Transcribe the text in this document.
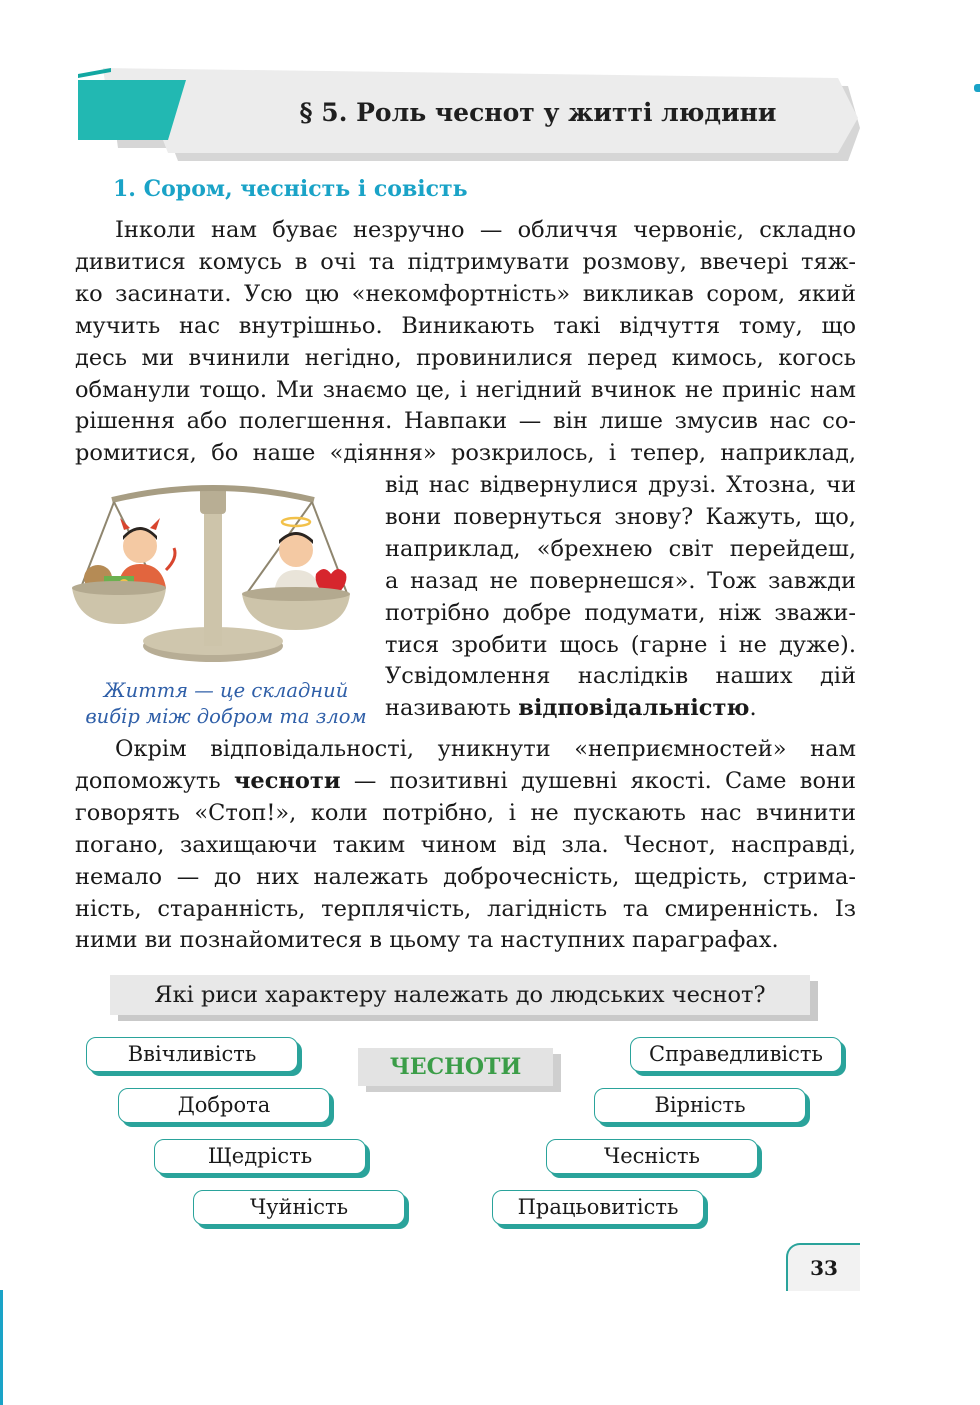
§ 5. Роль чеснот у житті людини
1. Сором, чесність і совість
Інколи нам буває незручно — обличчя червоніє, складно
дивитися комусь в очі та підтримувати розмову, ввечері тяж-
ко засинати. Усю цю «некомфортність» викликав сором, який
мучить нас внутрішньо. Виникають такі відчуття тому, що
десь ми вчинили негідно, провинилися перед кимось, когось
обманули тощо. Ми знаємо це, і негідний вчинок не приніс нам
рішення або полегшення. Навпаки — він лише змусив нас со-
ромитися, бо наше «діяння» розкрилось, і тепер, наприклад,
від нас відвернулися друзі. Хтозна, чи
вони повернуться знову? Кажуть, що,
наприклад, «брехнею світ перейдеш,
а назад не повернешся». Тож завжди
потрібно добре подумати, ніж зважи-
тися зробити щось (гарне і не дуже).
Усвідомлення наслідків наших дій
називають відповідальністю.
Життя — це складний
вибір між добром та злом
Окрім відповідальності, уникнути «неприємностей» нам
допоможуть чесноти — позитивні душевні якості. Саме вони
говорять «Стоп!», коли потрібно, і не пускають нас вчинити
погано, захищаючи таким чином від зла. Чеснот, насправді,
немало — до них належать доброчесність, щедрість, стрима-
ність, старанність, терплячість, лагідність та смиренність. Із
ними ви познайомитеся в цьому та наступних параграфах.
Які риси характеру належать до людських чеснот?
ЧЕСНОТИ
Ввічливість
Доброта
Щедрість
Чуйність
Справедливість
Вірність
Чесність
Працьовитість
33
